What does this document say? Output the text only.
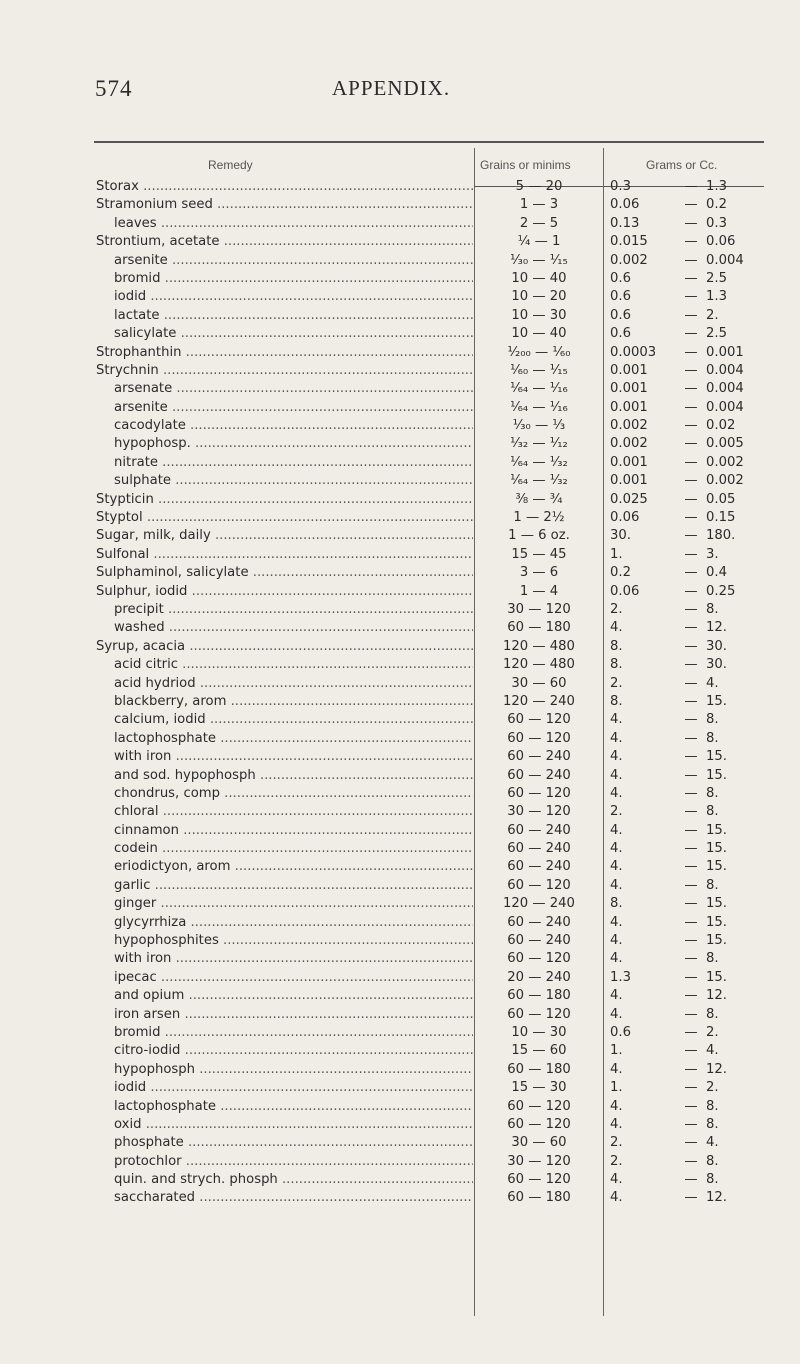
574	APPENDIX.
Remedy	Grains or minims	Grams or Cc.
Storax .....	5 — 20	0.3	1.3
—
Stramonium seed .....	1 — 3	0.06	0.2
—
leaves .....	2 — 5	0.13	0.3
—
Strontium, acetate .....	¼ — 1	0.015	0.06
—
arsenite .....	¹⁄₃₀ — ¹⁄₁₅	0.002	0.004
—
bromid .....	10 — 40	0.6	2.5
—
iodid .....	10 — 20	0.6	1.3
—
lactate .....	10 — 30	0.6	2.
—
salicylate .....	10 — 40	0.6	2.5
—
Strophanthin .....	¹⁄₂₀₀ — ¹⁄₆₀	0.0003	0.001
—
Strychnin .....	¹⁄₆₀ — ¹⁄₁₅	0.001	0.004
—
arsenate .....	¹⁄₆₄ — ¹⁄₁₆	0.001	0.004
—
arsenite .....	¹⁄₆₄ — ¹⁄₁₆	0.001	0.004
—
cacodylate .....	¹⁄₃₀ — ⅓	0.002	0.02
—
hypophosp. .....	¹⁄₃₂ — ¹⁄₁₂	0.002	0.005
—
nitrate .....	¹⁄₆₄ — ¹⁄₃₂	0.001	0.002
—
sulphate .....	¹⁄₆₄ — ¹⁄₃₂	0.001	0.002
—
Stypticin .....	⅜ — ¾	0.025	0.05
—
Styptol .....	1 — 2½	0.06	0.15
—
Sugar, milk, daily .....	1 — 6 oz.	30.	180.
—
Sulfonal .....	15 — 45	1.	3.
—
Sulphaminol, salicylate .....	3 — 6	0.2	0.4
—
Sulphur, iodid .....	1 — 4	0.06	0.25
—
precipit .....	30 — 120	2.	8.
—
washed .....	60 — 180	4.	12.
—
Syrup, acacia .....	120 — 480	8.	30.
—
acid citric .....	120 — 480	8.	30.
—
acid hydriod .....	30 — 60	2.	4.
—
blackberry, arom .....	120 — 240	8.	15.
—
calcium, iodid .....	60 — 120	4.	8.
—
lactophosphate .....	60 — 120	4.	8.
—
with iron .....	60 — 240	4.	15.
—
and sod. hypophosph .....	60 — 240	4.	15.
—
chondrus, comp .....	60 — 120	4.	8.
—
chloral .....	30 — 120	2.	8.
—
cinnamon .....	60 — 240	4.	15.
—
codein .....	60 — 240	4.	15.
—
eriodictyon, arom .....	60 — 240	4.	15.
—
garlic .....	60 — 120	4.	8.
—
ginger .....	120 — 240	8.	15.
—
glycyrrhiza .....	60 — 240	4.	15.
—
hypophosphites .....	60 — 240	4.	15.
—
with iron .....	60 — 120	4.	8.
—
ipecac .....	20 — 240	1.3	15.
—
and opium .....	60 — 180	4.	12.
—
iron arsen .....	60 — 120	4.	8.
—
bromid .....	10 — 30	0.6	2.
—
citro-iodid .....	15 — 60	1.	4.
—
hypophosph .....	60 — 180	4.	12.
—
iodid .....	15 — 30	1.	2.
—
lactophosphate .....	60 — 120	4.	8.
—
oxid .....	60 — 120	4.	8.
—
phosphate .....	30 — 60	2.	4.
—
protochlor .....	30 — 120	2.	8.
—
quin. and strych. phosph .....	60 — 120	4.	8.
—
saccharated .....	60 — 180	4.	12.
—
